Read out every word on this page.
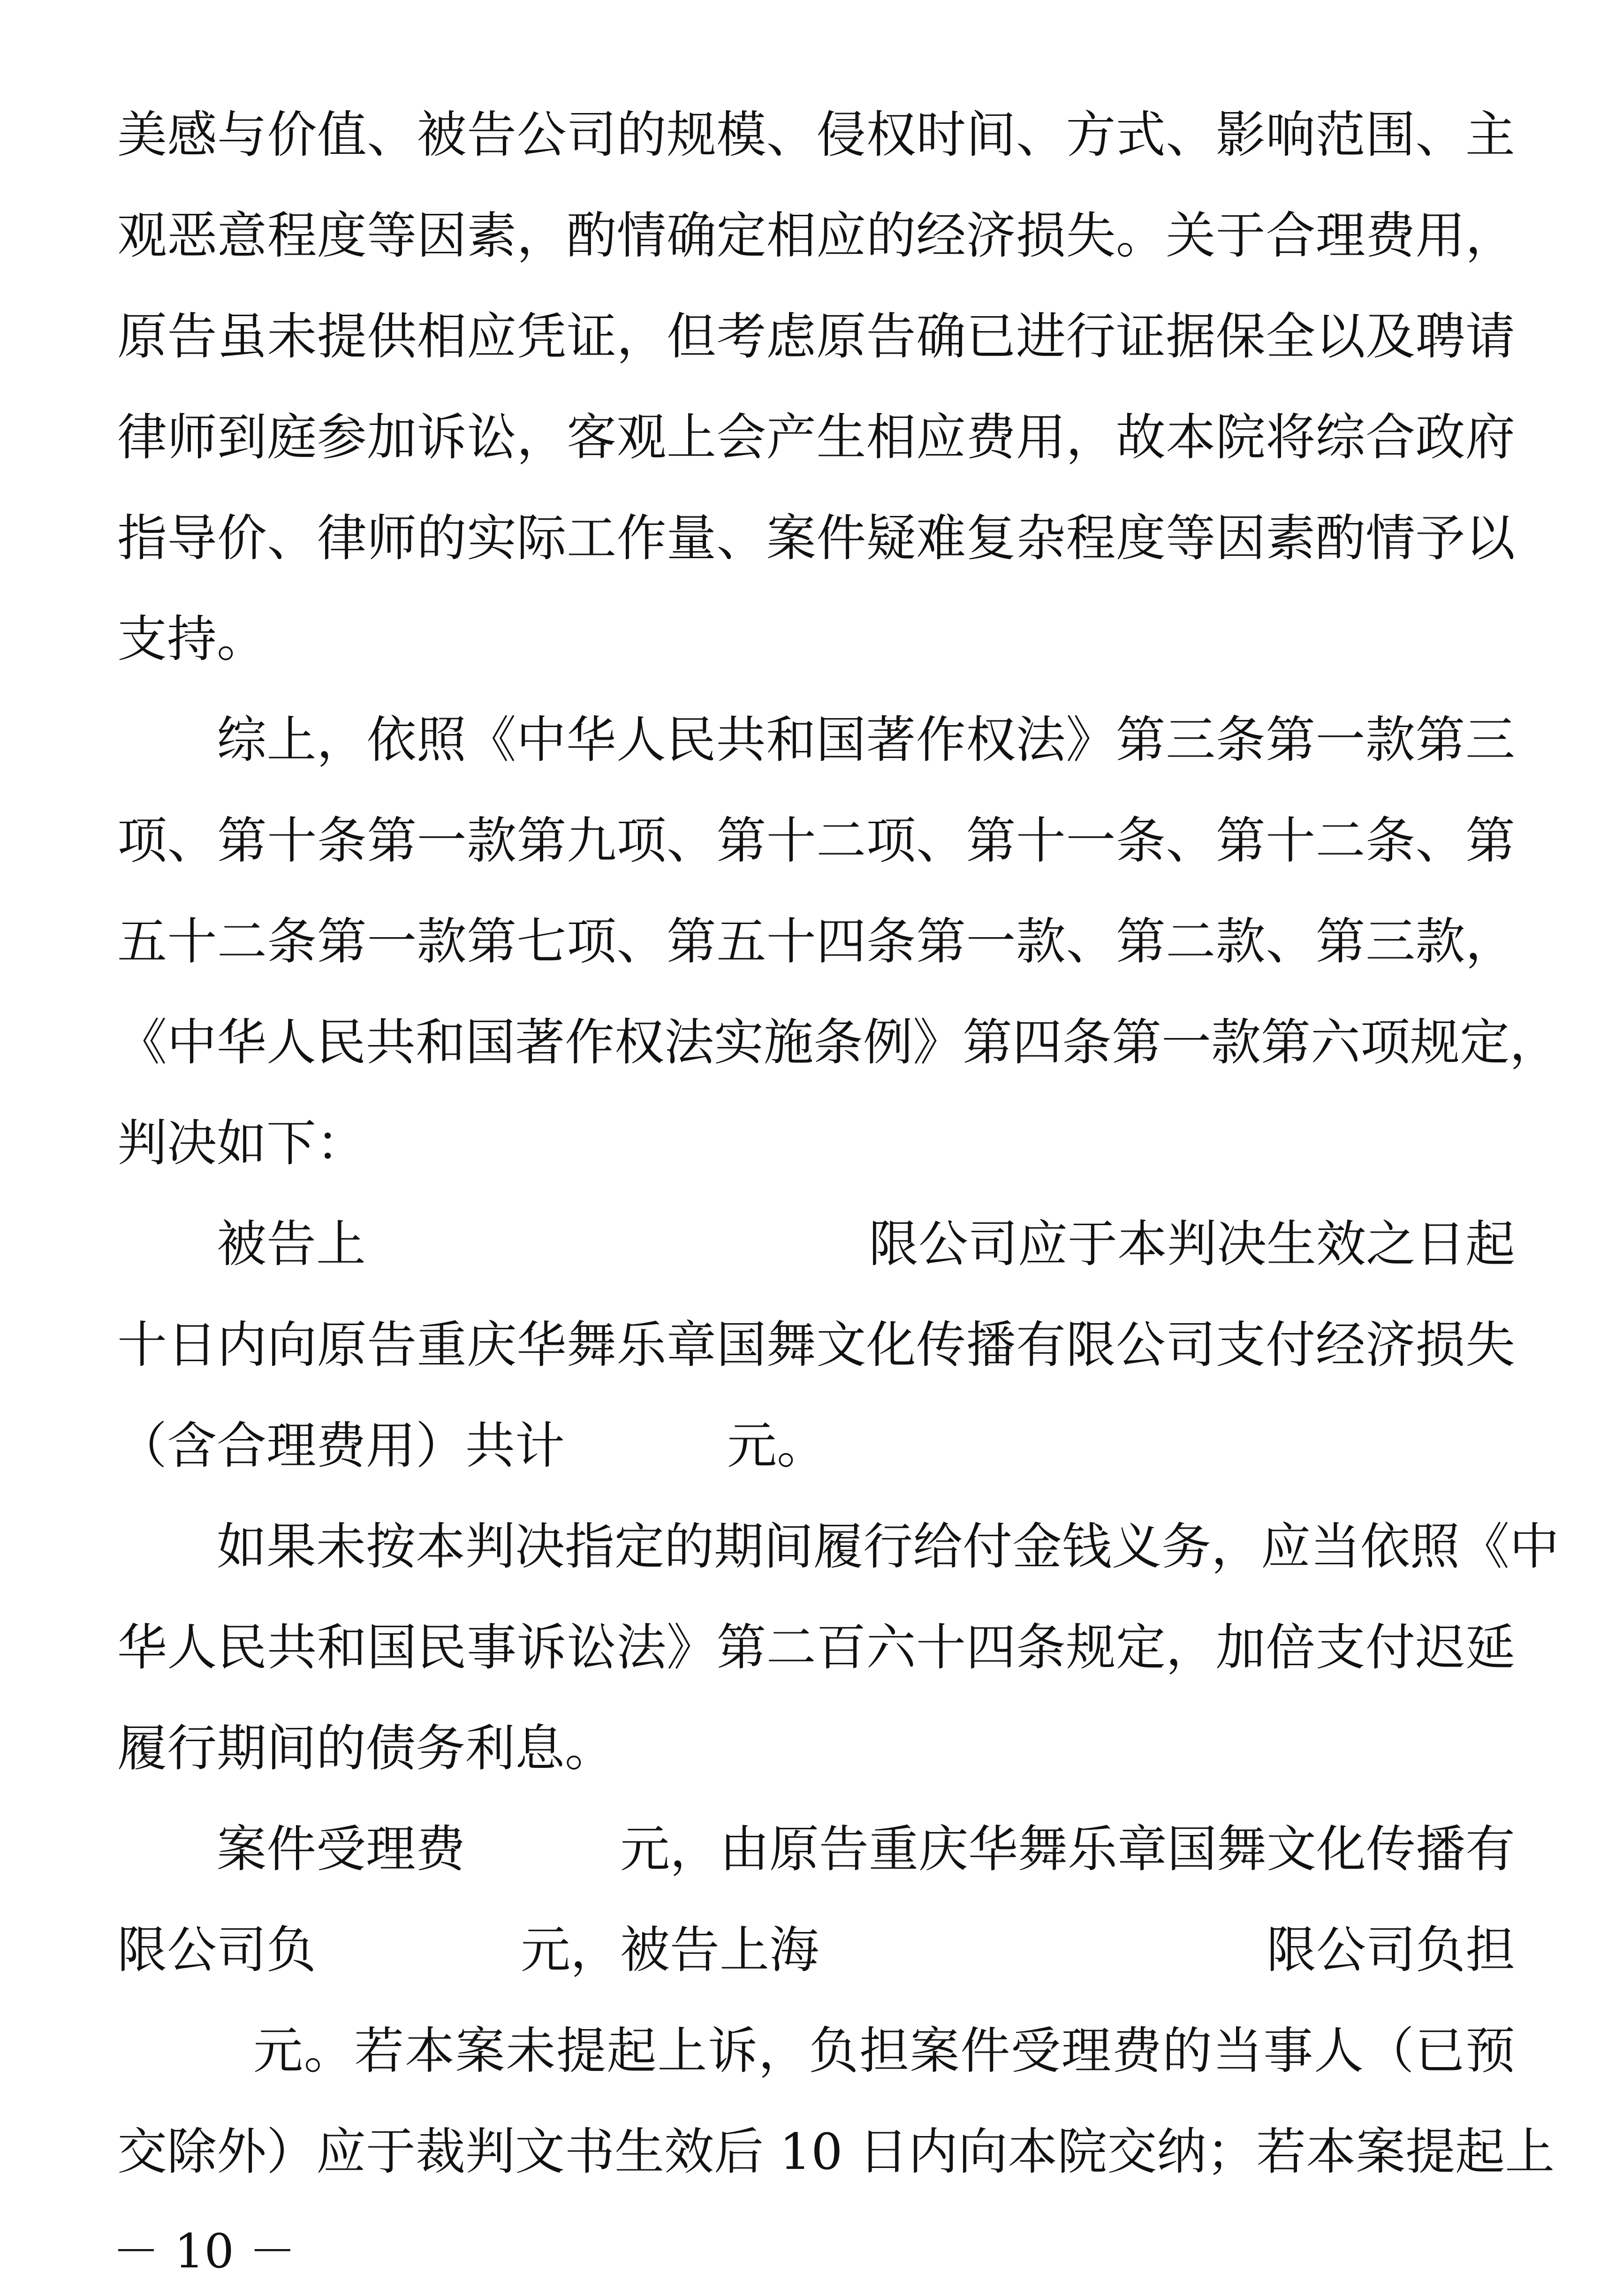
美感与价值、被告公司的规模、侵权时间、方式、影响范围、主
观恶意程度等因素，酌情确定相应的经济损失。关于合理费用，
原告虽未提供相应凭证，但考虑原告确已进行证据保全以及聘请
律师到庭参加诉讼，客观上会产生相应费用，故本院将综合政府
指导价、律师的实际工作量、案件疑难复杂程度等因素酌情予以
支持。
综上，依照《中华人民共和国著作权法》第三条第一款第三
项、第十条第一款第九项、第十二项、第十一条、第十二条、第
五十二条第一款第七项、第五十四条第一款、第二款、第三款，
《中华人民共和国著作权法实施条例》第四条第一款第六项规定，
判决如下：
被告上	限公司应于本判决生效之日起
十日内向原告重庆华舞乐章国舞文化传播有限公司支付经济损失
（含合理费用）共计	元。
如果未按本判决指定的期间履行给付金钱义务，应当依照《中
华人民共和国民事诉讼法》第二百六十四条规定，加倍支付迟延
履行期间的债务利息。
案件受理费	元，由原告重庆华舞乐章国舞文化传播有
限公司负	元，被告上海	限公司负担
元。若本案未提起上诉，负担案件受理费的当事人（已预
交除外）应于裁判文书生效后 10 日内向本院交纳；若本案提起上
－ 10 －
